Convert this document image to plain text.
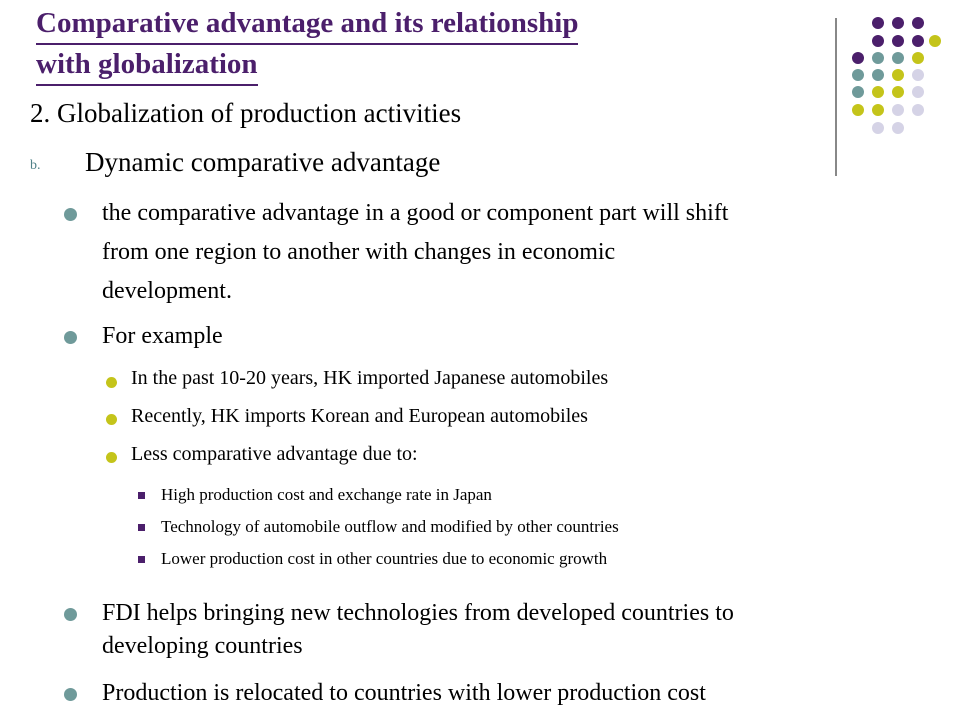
Comparative advantage and its relationship
with globalization
2. Globalization of production activities
b. Dynamic comparative advantage
the comparative advantage in a good or component part will shift
from one region to another with changes in economic
development.
For example
In the past 10-20 years, HK imported Japanese automobiles
Recently, HK imports Korean and European automobiles
Less comparative advantage due to:
High production cost and exchange rate in Japan
Technology of automobile outflow and modified by other countries
Lower production cost in other countries due to economic growth
FDI helps bringing new technologies from developed countries to
developing countries
Production is relocated to countries with lower production cost
